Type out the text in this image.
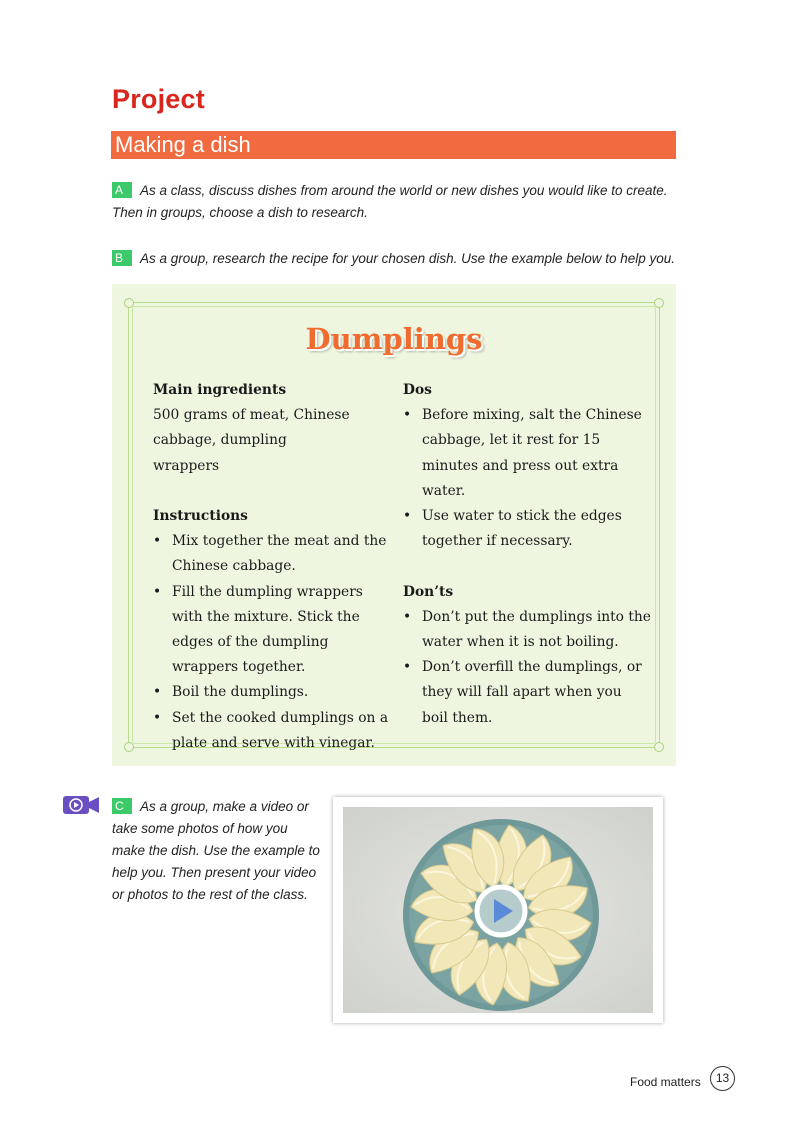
Project
Making a dish
A As a class, discuss dishes from around the world or new dishes you would like to create. Then in groups, choose a dish to research.
B As a group, research the recipe for your chosen dish. Use the example below to help you.
Dumplings
Main ingredients

500 grams of meat, Chinese cabbage, dumpling wrappers

Instructions
• Mix together the meat and the Chinese cabbage.
• Fill the dumpling wrappers with the mixture. Stick the edges of the dumpling wrappers together.
• Boil the dumplings.
• Set the cooked dumplings on a plate and serve with vinegar.
Dos
• Before mixing, salt the Chinese cabbage, let it rest for 15 minutes and press out extra water.
• Use water to stick the edges together if necessary.
Don’ts
• Don’t put the dumplings into the water when it is not boiling.
• Don’t overfill the dumplings, or they will fall apart when you boil them.
C As a group, make a video or take some photos of how you make the dish. Use the example to help you. Then present your video or photos to the rest of the class.
Food matters	13
